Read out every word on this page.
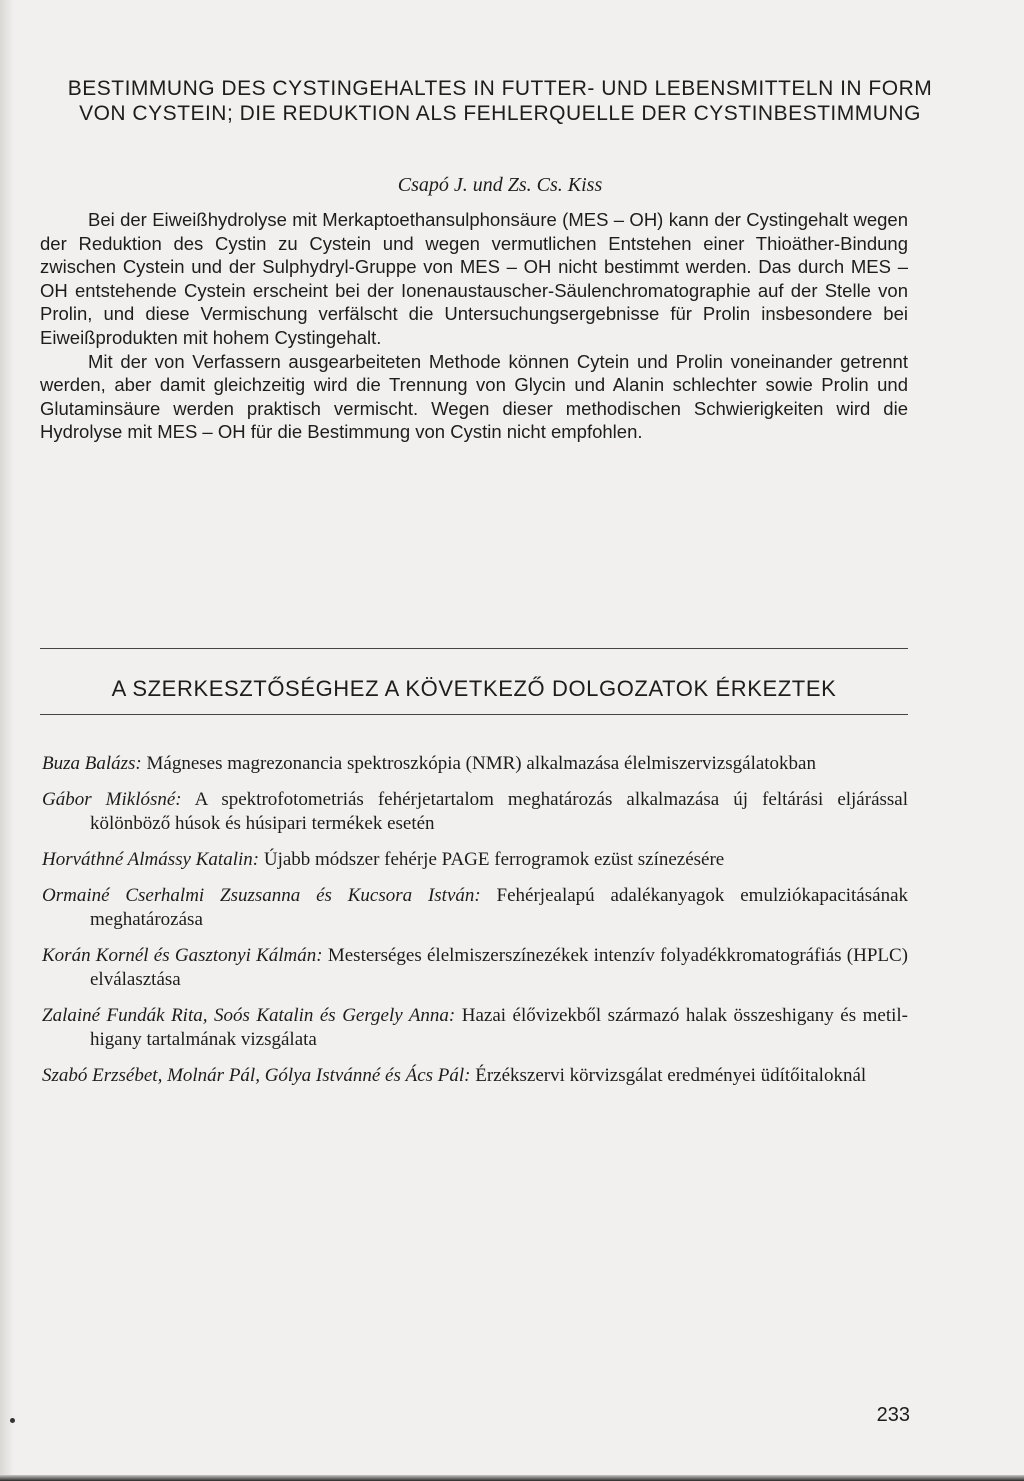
BESTIMMUNG DES CYSTINGEHALTES IN FUTTER- UND LEBENSMITTELN IN FORM VON CYSTEIN; DIE REDUKTION ALS FEHLERQUELLE DER CYSTINBESTIMMUNG
Csapó J. und Zs. Cs. Kiss

Bei der Eiweißhydrolyse mit Merkaptoethansulphonsäure (MES – OH) kann der Cystingehalt wegen der Reduktion des Cystin zu Cystein und wegen vermutlichen Entstehen einer Thioäther-Bindung zwischen Cystein und der Sulphydryl-Gruppe von MES – OH nicht bestimmt werden. Das durch MES – OH entstehende Cystein erscheint bei der Ionenaustauscher-Säulenchromatographie auf der Stelle von Prolin, und diese Vermischung verfälscht die Untersuchungsergebnisse für Prolin insbesondere bei Eiweißprodukten mit hohem Cystingehalt.

Mit der von Verfassern ausgearbeiteten Methode können Cytein und Prolin voneinander getrennt werden, aber damit gleichzeitig wird die Trennung von Glycin und Alanin schlechter sowie Prolin und Glutaminsäure werden praktisch vermischt. Wegen dieser methodischen Schwierigkeiten wird die Hydrolyse mit MES – OH für die Bestimmung von Cystin nicht empfohlen.

A SZERKESZTŐSÉGHEZ A KÖVETKEZŐ DOLGOZATOK ÉRKEZTEK

Buza Balázs: Mágneses magrezonancia spektroszkópia (NMR) alkalmazása élelmiszervizsgálatokban

Gábor Miklósné: A spektrofotometriás fehérjetartalom meghatározás alkalmazása új feltárási eljárással kölönböző húsok és húsipari termékek esetén

Horváthné Almássy Katalin: Újabb módszer fehérje PAGE ferrogramok ezüst színezésére

Ormainé Cserhalmi Zsuzsanna és Kucsora István: Fehérjealapú adalékanyagok emulziókapacitásának meghatározása

Korán Kornél és Gasztonyi Kálmán: Mesterséges élelmiszerszínezékek intenzív folyadékkromatográfiás (HPLC) elválasztása

Zalainé Fundák Rita, Soós Katalin és Gergely Anna: Hazai élővizekből származó halak összeshigany és metil-higany tartalmának vizsgálata

Szabó Erzsébet, Molnár Pál, Gólya Istvánné és Ács Pál: Érzékszervi körvizsgálat eredményei üdítőitaloknál

233
